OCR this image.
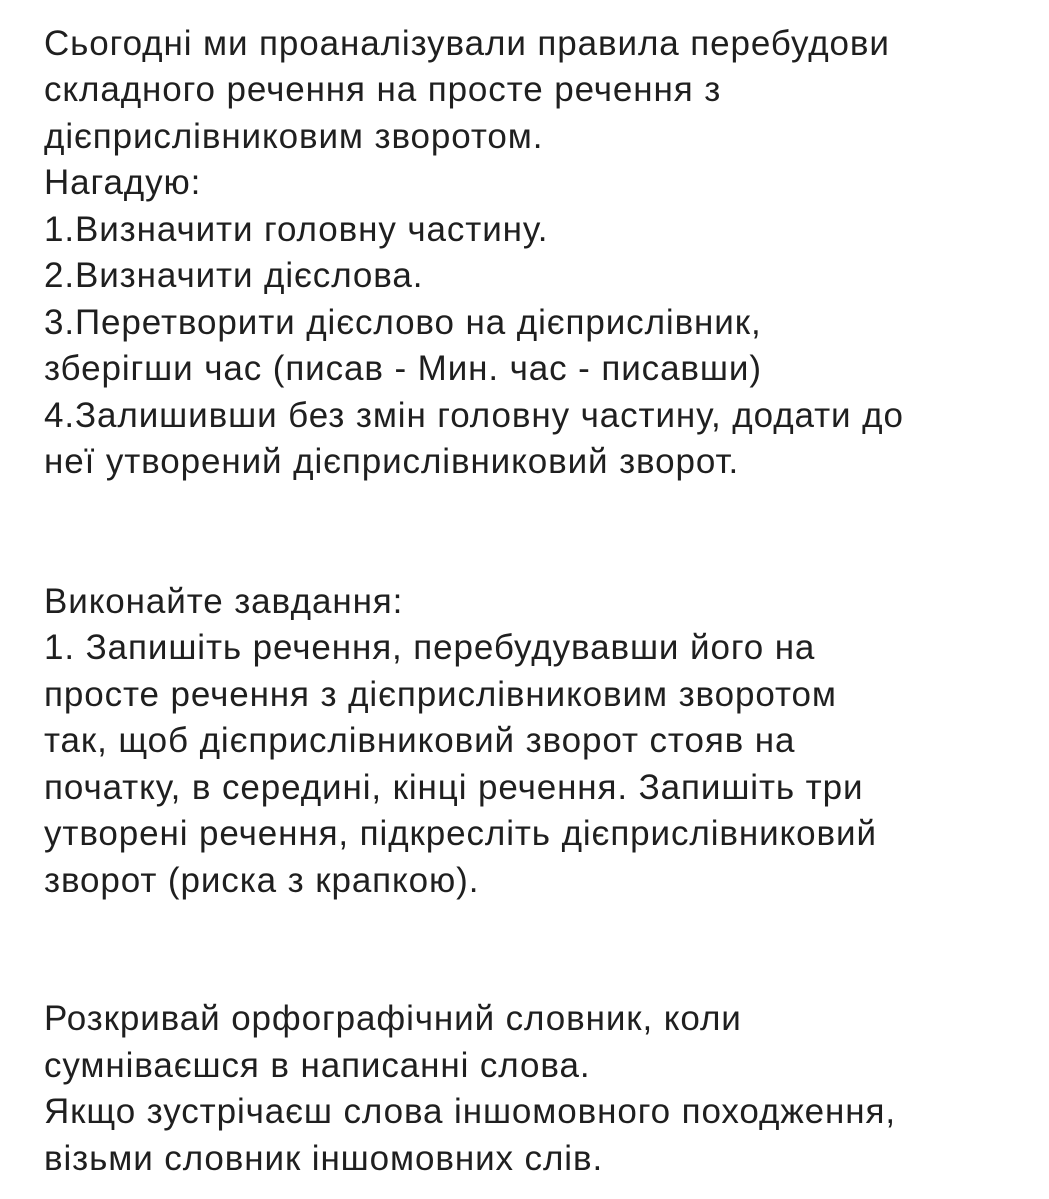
Сьогодні ми проаналізували правила перебудови
складного речення на просте речення з
дієприслівниковим зворотом.
Нагадую:
1.Визначити головну частину.
2.Визначити дієслова.
3.Перетворити дієслово на дієприслівник,
зберігши час (писав - Мин. час - писавши)
4.Залишивши без змін головну частину, додати до
неї утворений дієприслівниковий зворот.
Виконайте завдання:
1. Запишіть речення, перебудувавши його на
просте речення з дієприслівниковим зворотом
так, щоб дієприслівниковий зворот стояв на
початку, в середині, кінці речення. Запишіть три
утворені речення, підкресліть дієприслівниковий
зворот (риска з крапкою).
Розкривай орфографічний словник, коли
сумніваєшся в написанні слова.
Якщо зустрічаєш слова іншомовного походження,
візьми словник іншомовних слів.
